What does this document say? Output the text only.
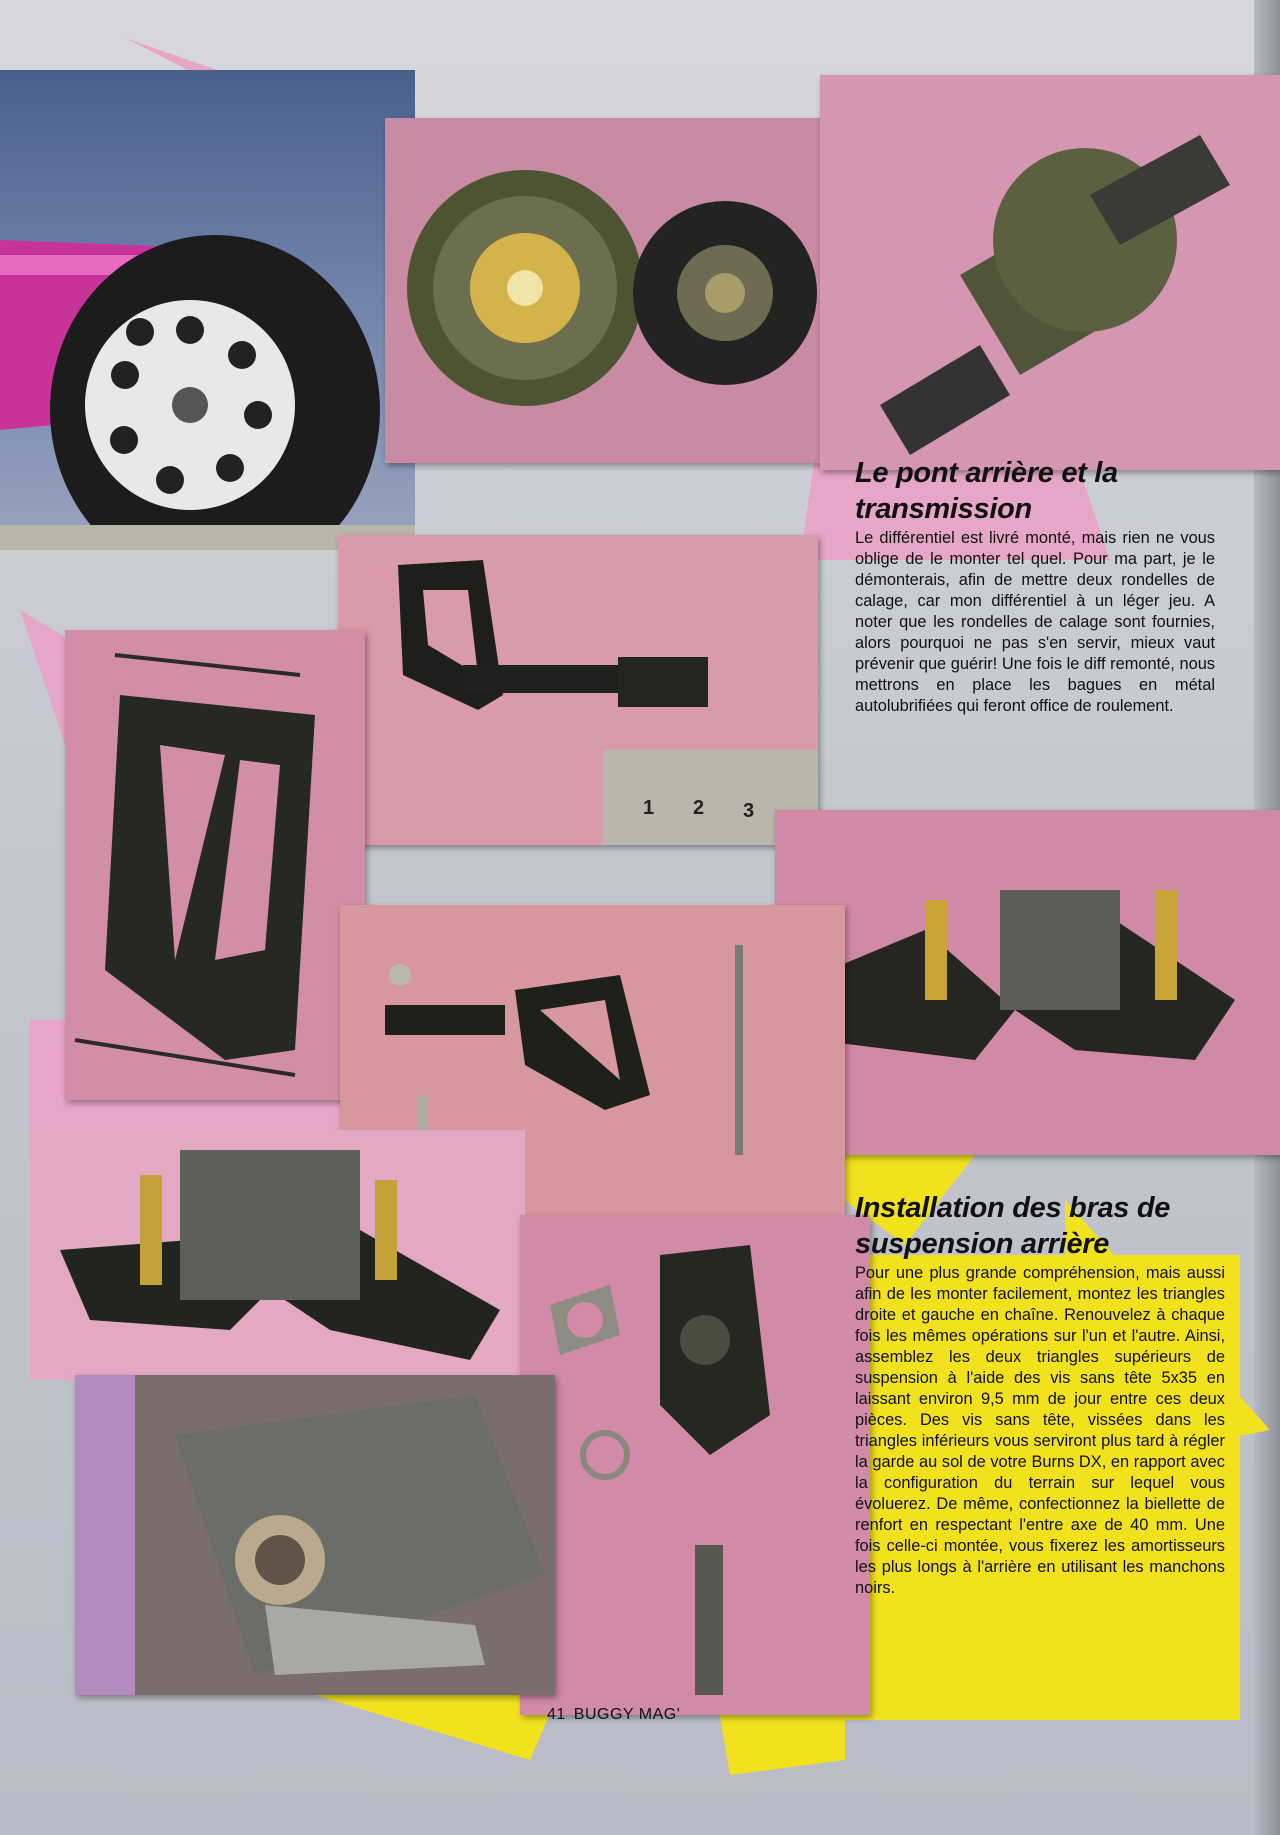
1 2 3
Le pont arrière et la transmission

Le différentiel est livré monté, mais rien ne vous oblige de le monter tel quel. Pour ma part, je le démonterais, afin de mettre deux rondelles de calage, car mon différentiel à un léger jeu. A noter que les rondelles de calage sont fournies, alors pourquoi ne pas s'en servir, mieux vaut prévenir que guérir! Une fois le diff remonté, nous mettrons en place les bagues en métal autolubrifiées qui feront office de roulement.

Installation des bras de suspension arrière

Pour une plus grande compréhension, mais aussi afin de les monter facilement, montez les triangles droite et gauche en chaîne. Renouvelez à chaque fois les mêmes opérations sur l'un et l'autre. Ainsi, assemblez les deux triangles supérieurs de suspension à l'aide des vis sans tête 5x35 en laissant environ 9,5 mm de jour entre ces deux pièces. Des vis sans tête, vissées dans les triangles inférieurs vous serviront plus tard à régler la garde au sol de votre Burns DX, en rapport avec la configuration du terrain sur lequel vous évoluerez. De même, confectionnez la biellette de renfort en respectant l'entre axe de 40 mm. Une fois celle-ci montée, vous fixerez les amortisseurs les plus longs à l'arrière en utilisant les manchons noirs.

41 BUGGY MAG'
